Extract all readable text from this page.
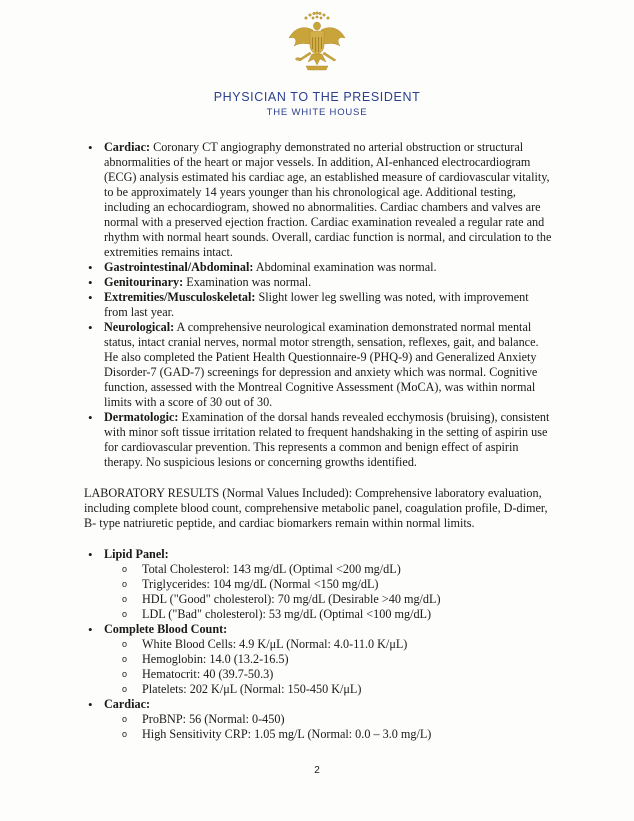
PHYSICIAN TO THE PRESIDENT
THE WHITE HOUSE
• Cardiac: Coronary CT angiography demonstrated no arterial obstruction or structural abnormalities of the heart or major vessels. In addition, AI-enhanced electrocardiogram (ECG) analysis estimated his cardiac age, an established measure of cardiovascular vitality, to be approximately 14 years younger than his chronological age. Additional testing, including an echocardiogram, showed no abnormalities. Cardiac chambers and valves are normal with a preserved ejection fraction. Cardiac examination revealed a regular rate and rhythm with normal heart sounds. Overall, cardiac function is normal, and circulation to the extremities remains intact.
• Gastrointestinal/Abdominal: Abdominal examination was normal.
• Genitourinary: Examination was normal.
• Extremities/Musculoskeletal: Slight lower leg swelling was noted, with improvement from last year.
• Neurological: A comprehensive neurological examination demonstrated normal mental status, intact cranial nerves, normal motor strength, sensation, reflexes, gait, and balance. He also completed the Patient Health Questionnaire-9 (PHQ-9) and Generalized Anxiety Disorder-7 (GAD-7) screenings for depression and anxiety which was normal. Cognitive function, assessed with the Montreal Cognitive Assessment (MoCA), was within normal limits with a score of 30 out of 30.
• Dermatologic: Examination of the dorsal hands revealed ecchymosis (bruising), consistent with minor soft tissue irritation related to frequent handshaking in the setting of aspirin use for cardiovascular prevention. This represents a common and benign effect of aspirin therapy. No suspicious lesions or concerning growths identified.

LABORATORY RESULTS (Normal Values Included): Comprehensive laboratory evaluation, including complete blood count, comprehensive metabolic panel, coagulation profile, D-dimer, B- type natriuretic peptide, and cardiac biomarkers remain within normal limits.

• Lipid Panel:
o Total Cholesterol: 143 mg/dL (Optimal <200 mg/dL)
o Triglycerides: 104 mg/dL (Normal <150 mg/dL)
o HDL ("Good" cholesterol): 70 mg/dL (Desirable >40 mg/dL)
o LDL ("Bad" cholesterol): 53 mg/dL (Optimal <100 mg/dL)
• Complete Blood Count:
o White Blood Cells: 4.9 K/μL (Normal: 4.0-11.0 K/μL)
o Hemoglobin: 14.0 (13.2-16.5)
o Hematocrit: 40 (39.7-50.3)
o Platelets: 202 K/μL (Normal: 150-450 K/μL)
• Cardiac:
o ProBNP: 56 (Normal: 0-450)
o High Sensitivity CRP: 1.05 mg/L (Normal: 0.0 – 3.0 mg/L)
2
